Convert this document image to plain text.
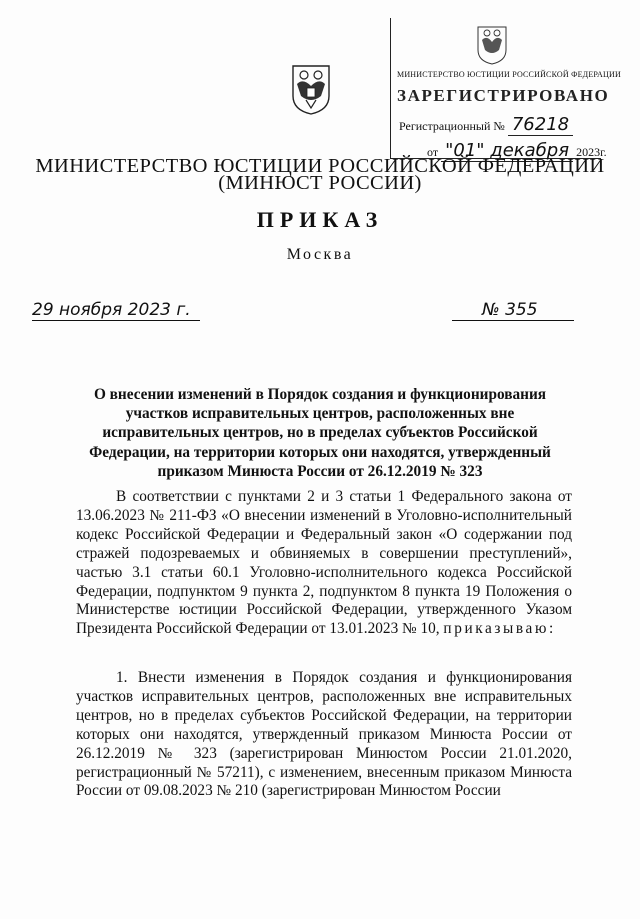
МИНИСТЕРСТВО ЮСТИЦИИ РОССИЙСКОЙ ФЕДЕРАЦИИ
ЗАРЕГИСТРИРОВАНО
Регистрационный № 76218
от "01" декабря 2023г.
МИНИСТЕРСТВО ЮСТИЦИИ РОССИЙСКОЙ ФЕДЕРАЦИИ
(МИНЮСТ РОССИИ)
ПРИКАЗ
Москва
29 ноября 2023 г.	№ 355
О внесении изменений в Порядок создания и функционирования участков исправительных центров, расположенных вне исправительных центров, но в пределах субъектов Российской Федерации, на территории которых они находятся, утвержденный приказом Минюста России от 26.12.2019 № 323
В соответствии с пунктами 2 и 3 статьи 1 Федерального закона от 13.06.2023 № 211-ФЗ «О внесении изменений в Уголовно-исполнительный кодекс Российской Федерации и Федеральный закон «О содержании под стражей подозреваемых и обвиняемых в совершении преступлений», частью 3.1 статьи 60.1 Уголовно-исполнительного кодекса Российской Федерации, подпунктом 9 пункта 2, подпунктом 8 пункта 19 Положения о Министерстве юстиции Российской Федерации, утвержденного Указом Президента Российской Федерации от 13.01.2023 № 10, приказываю:
1. Внести изменения в Порядок создания и функционирования участков исправительных центров, расположенных вне исправительных центров, но в пределах субъектов Российской Федерации, на территории которых они находятся, утвержденный приказом Минюста России от 26.12.2019 № 323 (зарегистрирован Минюстом России 21.01.2020, регистрационный № 57211), с изменением, внесенным приказом Минюста России от 09.08.2023 № 210 (зарегистрирован Минюстом России
